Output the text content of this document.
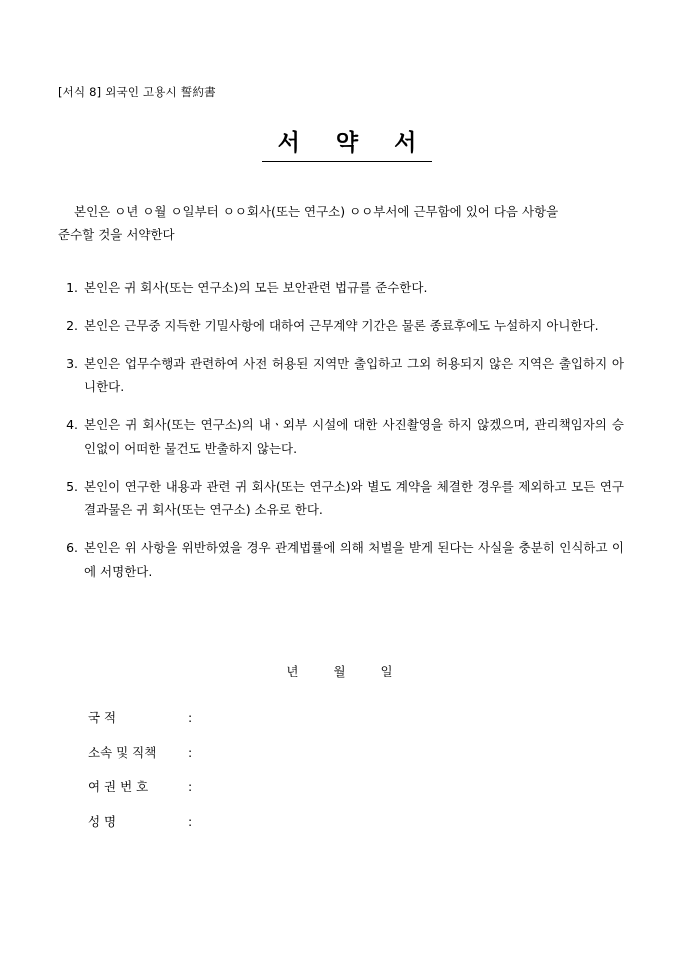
[서식 8] 외국인 고용시 誓約書
서 약 서
본인은 ㅇ년 ㅇ월 ㅇ일부터 ㅇㅇ회사(또는 연구소) ㅇㅇ부서에 근무함에 있어 다음 사항을
준수할 것을 서약한다
1. 본인은 귀 회사(또는 연구소)의 모든 보안관련 법규를 준수한다.
2. 본인은 근무중 지득한 기밀사항에 대하여 근무계약 기간은 물론 종료후에도 누설하지 아니한다.
3. 본인은 업무수행과 관련하여 사전 허용된 지역만 출입하고 그외 허용되지 않은 지역은 출입하지 아니한다.
4. 본인은 귀 회사(또는 연구소)의 내ㆍ외부 시설에 대한 사진촬영을 하지 않겠으며, 관리책임자의 승인없이 어떠한 물건도 반출하지 않는다.
5. 본인이 연구한 내용과 관련 귀 회사(또는 연구소)와 별도 계약을 체결한 경우를 제외하고 모든 연구결과물은 귀 회사(또는 연구소) 소유로 한다.
6. 본인은 위 사항을 위반하였을 경우 관계법률에 의해 처벌을 받게 된다는 사실을 충분히 인식하고 이에 서명한다.
년	월	일
국 적	:
소속 및 직책	:
여 권 번 호	:
성 명	:
